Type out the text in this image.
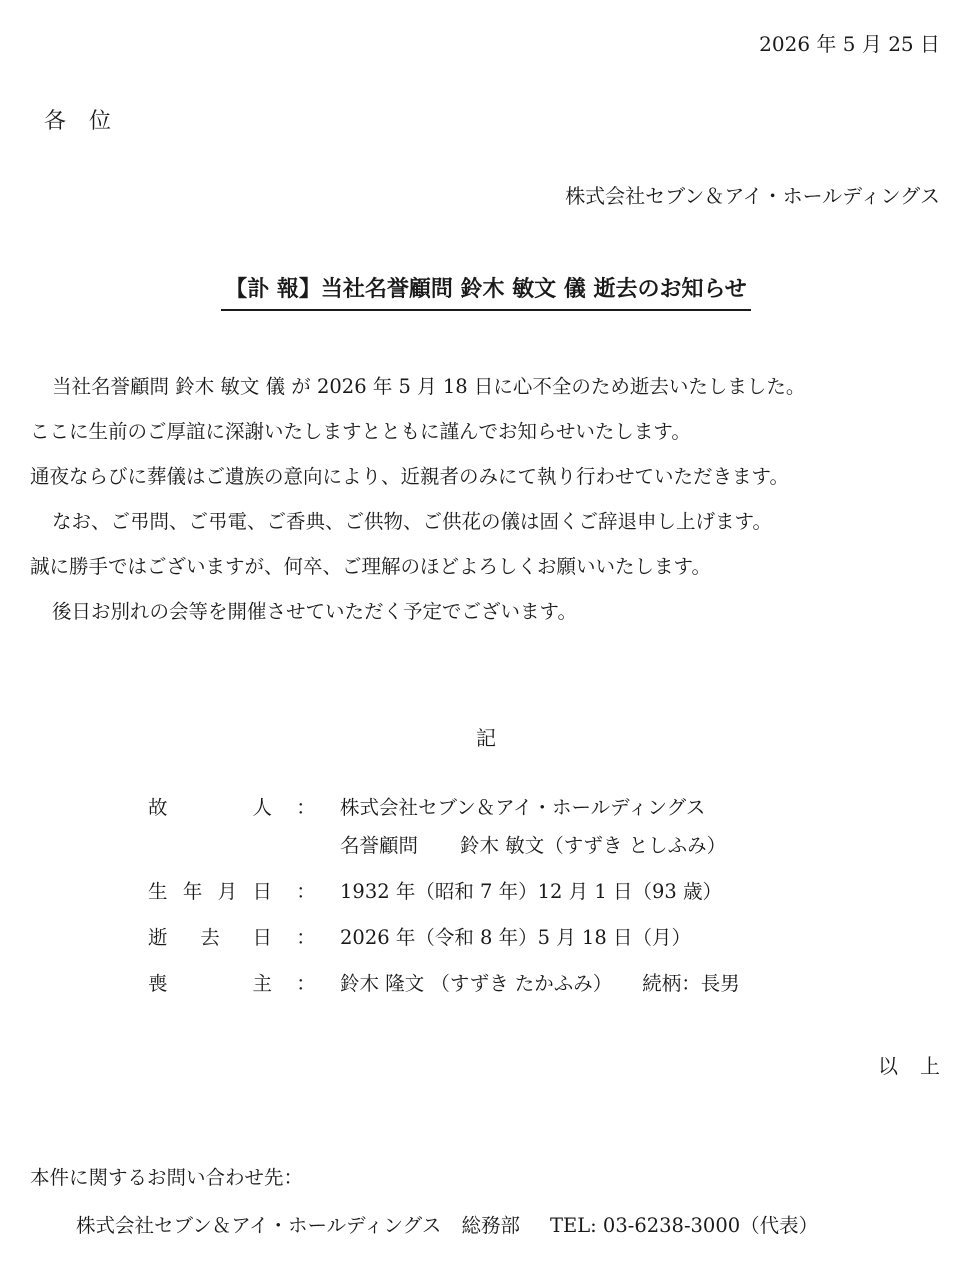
2026 年 5 月 25 日
各 位
株式会社セブン＆アイ・ホールディングス
【訃 報】当社名誉顧問 鈴木 敏文 儀 逝去のお知らせ

当社名誉顧問 鈴木 敏文 儀 が 2026 年 5 月 18 日に心不全のため逝去いたしました。

ここに生前のご厚誼に深謝いたしますとともに謹んでお知らせいたします。

通夜ならびに葬儀はご遺族の意向により、近親者のみにて執り行わせていただきます。

なお、ご弔問、ご弔電、ご香典、ご供物、ご供花の儀は固くご辞退申し上げます。

誠に勝手ではございますが、何卒、ご理解のほどよろしくお願いいたします。

後日お別れの会等を開催させていただく予定でございます。

記
故	人	：	株式会社セブン＆アイ・ホールディングス
名誉顧問 鈴木 敏文（すずき としふみ）
生 年 月 日	：	1932 年（昭和 7 年）12 月 1 日（93 歳）
逝 去 日	：	2026 年（令和 8 年）5 月 18 日（月）
喪	主	：	鈴木 隆文 （すずき たかふみ） 続柄：長男
以上
本件に関するお問い合わせ先：
株式会社セブン＆アイ・ホールディングス 総務部 TEL: 03-6238-3000（代表）
